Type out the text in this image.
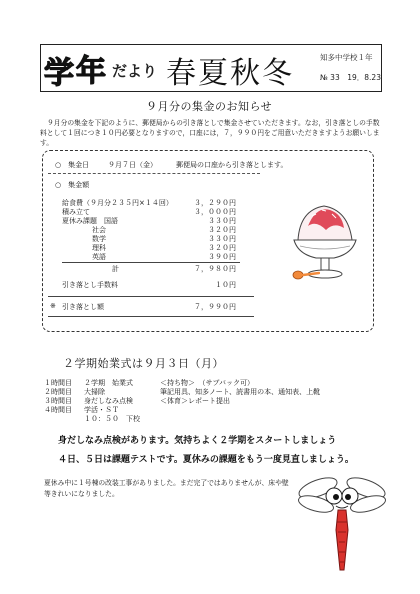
学 年 だより 春夏秋冬	知多中学校１年
№ 33　19．8.23
９月分の集金のお知らせ
９月分の集金を下記のように、郵便局からの引き落としで集金させていただきます。なお，引き落としの手数料として１回につき１０円必要となりますので，口座には，７，９９０円をご用意いただきますようお願いします。
○　集金日	９月７日（金）	郵便局の口座から引き落とします。
○　集金額
給食費（９月分２３５円×１４回）	３，２９０円
積み立て	３，０００円
夏休み課題　国語	３３０円
社会	３２０円
数学	３３０円
理科	３２０円
英語	３９０円
計	７，９８０円
引き落とし手数料	１０円
※ 引き落とし額	７，９９０円
２学期始業式は９月３日（月）
１時間目 ２学期　始業式	＜持ち物＞　（サブバック可）
２時間目 大掃除	筆記用具、知多ノート、読書用の本、通知表、上靴
３時間目 身だしなみ点検	＜体育＞レポート提出
４時間目 学活・ＳＴ
１０：５０　下校
身だしなみ点検があります。気持ちよく２学期をスタートしましょう
４日、５日は課題テストです。夏休みの課題をもう一度見直しましょう。
夏休み中に１号棟の改装工事がありました。まだ完了ではありませんが、床や壁等きれいになりました。
